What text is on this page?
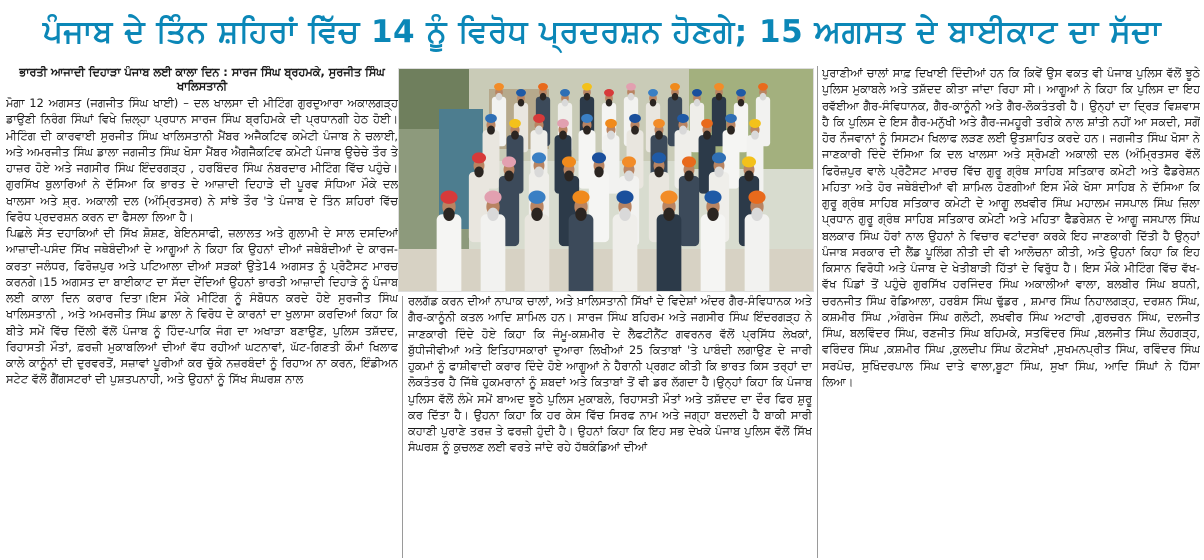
ਪੰਜਾਬ ਦੇ ਤਿੰਨ ਸ਼ਹਿਰਾਂ ਵਿੱਚ 14 ਨੂੰ ਵਿਰੋਧ ਪ੍ਰਦਰਸ਼ਨ ਹੋਣਗੇ; 15 ਅਗਸਤ ਦੇ ਬਾਈਕਾਟ ਦਾ ਸੱਦਾ
ਭਾਰਤੀ ਆਜਾਦੀ ਦਿਹਾੜਾ ਪੰਜਾਬ ਲਈ ਕਾਲਾ ਦਿਨ : ਸਾਰਜ ਸਿੰਘ ਬ੍ਰਹਮਕੇ, ਸੁਰਜੀਤ ਸਿੰਘ ਖਾਲਿਸਤਾਨੀ

ਮੋਗਾ 12 ਅਗਸਤ (ਜਗਜੀਤ ਸਿੰਘ ਖਾਈ) – ਦਲ ਖਾਲਸਾ ਦੀ ਮੀਟਿੰਗ ਗੁਰਦੁਆਰਾ ਅਕਾਲਗੜ੍ਹ ਡਾਉਣੀ ਨਿਰੰਗ ਸਿੰਘਾਂ ਵਿਖੇ ਜ਼ਿਲ੍ਹਾ ਪ੍ਰਧਾਨ ਸਾਰਜ ਸਿੰਘ ਬ੍ਰਹਿਮਕੇ ਦੀ ਪ੍ਰਧਾਨਗੀ ਹੇਠ ਹੋਈ। ਮੀਟਿੰਗ ਦੀ ਕਾਰਵਾਈ ਸੁਰਜੀਤ ਸਿੰਘ ਖਾਲਿਸਤਾਨੀ ਮੈਂਬਰ ਅਜੈਕਟਿਵ ਕਮੇਟੀ ਪੰਜਾਬ ਨੇ ਚਲਾਈ, ਅਤੇ ਅਮਰਜੀਤ ਸਿੰਘ ਡਾਲਾ ਜਗਜੀਤ ਸਿੰਘ ਖੋਸਾ ਮੈਂਬਰ ਐਗਜੈਕਟਿਵ ਕਮੇਟੀ ਪੰਜਾਬ ਉਚੇਚੇ ਤੌਰ ਤੇ ਹਾਜ਼ਰ ਹੋਏ ਅਤੇ ਜਗਸੀਰ ਸਿੰਘ ਇੰਦਰਗੜ੍ਹ , ਹਰਬਿੰਦਰ ਸਿੰਘ ਨੰਬਰਦਾਰ ਮੀਟਿੰਗ ਵਿੱਚ ਪਹੁੰਚੇ।ਗੁਰਸਿੱਖ ਬੁਲਾਰਿਆਂ ਨੇ ਦੱਸਿਆ ਕਿ ਭਾਰਤ ਦੇ ਆਜ਼ਾਦੀ ਦਿਹਾੜੇ ਦੀ ਪੂਰਵ ਸੰਧਿਆ ਮੌਕੇ ਦਲ ਖਾਲਸਾ ਅਤੇ ਸ਼੍ਰ. ਅਕਾਲੀ ਦਲ (ਅੰਮ੍ਰਿਤਸਰ) ਨੇ ਸਾਂਝੇ ਤੌਰ 'ਤੇ ਪੰਜਾਬ ਦੇ ਤਿੰਨ ਸ਼ਹਿਰਾਂ ਵਿੱਚ ਵਿਰੋਧ ਪ੍ਰਦਰਸ਼ਨ ਕਰਨ ਦਾ ਫੈਸਲਾ ਲਿਆ ਹੈ।

ਪਿਛਲੇ ਸੱਤ ਦਹਾਕਿਆਂ ਦੀ ਸਿੱਖ ਸ਼ੋਸ਼ਣ, ਬੇਇਨਸਾਫੀ, ਜ਼ਲਾਲਤ ਅਤੇ ਗੁਲਾਮੀ ਦੇ ਸਾਲ ਦਸਦਿਆਂ ਆਜ਼ਾਦੀ-ਪਸੰਦ ਸਿੱਖ ਜਥੇਬੰਦੀਆਂ ਦੇ ਆਗੂਆਂ ਨੇ ਕਿਹਾ ਕਿ ਉਹਨਾਂ ਦੀਆਂ ਜਥੇਬੰਦੀਆਂ ਦੇ ਕਾਰਜ-ਕਰਤਾ ਜਲੰਧਰ, ਫਿਰੋਜ਼ਪੁਰ ਅਤੇ ਪਟਿਆਲਾ ਦੀਆਂ ਸੜਕਾਂ ਉਤੇ14 ਅਗਸਤ ਨੂੰ ਪ੍ਰੋਟੈਸਟ ਮਾਰਚ ਕਰਨਗੇ।15 ਅਗਸਤ ਦਾ ਬਾਈਕਾਟ ਦਾ ਸੱਦਾ ਦੇਂਦਿਆਂ ਉਹਨਾਂ ਭਾਰਤੀ ਆਜ਼ਾਦੀ ਦਿਹਾੜੇ ਨੂੰ ਪੰਜਾਬ ਲਈ ਕਾਲਾ ਦਿਨ ਕਰਾਰ ਦਿਤਾ।ਇਸ ਮੌਕੇ ਮੀਟਿੰਗ ਨੂੰ ਸੰਬੋਧਨ ਕਰਦੇ ਹੋਏ ਸੁਰਜੀਤ ਸਿੰਘ ਖਾਲਿਸਤਾਨੀ , ਅਤੇ ਅਮਰਜੀਤ ਸਿੰਘ ਡਾਲਾ ਨੇ ਵਿਰੋਧ ਦੇ ਕਾਰਨਾਂ ਦਾ ਖੁਲਾਸਾ ਕਰਦਿਆਂ ਕਿਹਾ ਕਿ ਬੀਤੇ ਸਮੇਂ ਵਿੱਚ ਦਿੱਲੀ ਵੱਲੋਂ ਪੰਜਾਬ ਨੂੰ ਹਿੰਦ-ਪਾਕਿ ਜੰਗ ਦਾ ਅਖਾੜਾ ਬਣਾਉਣ, ਪੁਲਿਸ ਤਸ਼ੱਦਦ, ਰਿਹਾਸਤੀ ਮੌਤਾਂ, ਫ਼ਰਜ਼ੀ ਮੁਕਾਬਲਿਆਂ ਦੀਆਂ ਵੱਧ ਰਹੀਆਂ ਘਟਨਾਵਾਂ, ਘੱਟ-ਗਿਣਤੀ ਕੌਮਾਂ ਖਿਲਾਫ ਕਾਲੇ ਕਾਨੂੰਨਾਂ ਦੀ ਦੁਰਵਰਤੋਂ, ਸਜ਼ਾਵਾਂ ਪੂਰੀਆਂ ਕਰ ਚੁੱਕੇ ਨਜ਼ਰਬੰਦਾਂ ਨੂੰ ਰਿਹਾਅ ਨਾ ਕਰਨ, ਇੰਡੀਅਨ ਸਟੇਟ ਵੱਲੋਂ ਗੈਂਗਸਟਰਾਂ ਦੀ ਪੁਸ਼ਤਪਨਾਹੀ, ਅਤੇ ਉਹਨਾਂ ਨੂੰ ਸਿੱਖ ਸੰਘਰਸ਼ ਨਾਲ

ਰਲਗੱਡ ਕਰਨ ਦੀਆਂ ਨਾਪਾਕ ਚਾਲਾਂ, ਅਤੇ ਖ਼ਾਲਿਸਤਾਨੀ ਸਿੱਖਾਂ ਦੇ ਵਿਦੇਸ਼ਾਂ ਅੰਦਰ ਗੈਰ-ਸੰਵਿਧਾਨਕ ਅਤੇ ਗੈਰ-ਕਾਨੂੰਨੀ ਕਤਲ ਆਦਿ ਸ਼ਾਮਿਲ ਹਨ। ਸਾਰਜ ਸਿੰਘ ਬਹਿਰਮ ਅਤੇ ਜਗਸੀਰ ਸਿੰਘ ਇੰਦਰਗੜ੍ਹ ਨੇ ਜਾਣਕਾਰੀ ਦਿੰਦੇ ਹੋਏ ਕਿਹਾ ਕਿ ਜੰਮੂ-ਕਸ਼ਮੀਰ ਦੇ ਲੈਫਟੀਨੈਂਟ ਗਵਰਨਰ ਵੱਲੋਂ ਪ੍ਰਸਿੱਧ ਲੇਖਕਾਂ, ਬੁੱਧੀਜੀਵੀਆਂ ਅਤੇ ਇਤਿਹਾਸਕਾਰਾਂ ਦੁਆਰਾ ਲਿਖੀਆਂ 25 ਕਿਤਾਬਾਂ 'ਤੇ ਪਾਬੰਦੀ ਲਗਾਉਣ ਦੇ ਜਾਰੀ ਹੁਕਮਾਂ ਨੂੰ ਫਾਸ਼ੀਵਾਦੀ ਕਰਾਰ ਦਿੰਦੇ ਹੋਏ ਆਗੂਆਂ ਨੇ ਹੈਰਾਨੀ ਪ੍ਰਗਟ ਕੀਤੀ ਕਿ ਭਾਰਤ ਕਿਸ ਤਰ੍ਹਾਂ ਦਾ ਲੋਕਤੰਤਰ ਹੈ ਜਿੱਥੇ ਹੁਕਮਰਾਨਾਂ ਨੂੰ ਸ਼ਬਦਾਂ ਅਤੇ ਕਿਤਾਬਾਂ ਤੋਂ ਵੀ ਡਰ ਲੱਗਦਾ ਹੈ।ਉਨ੍ਹਾਂ ਕਿਹਾ ਕਿ ਪੰਜਾਬ ਪੁਲਿਸ ਵੱਲੋਂ ਲੰਮੇ ਸਮੇਂ ਬਾਅਦ ਝੂਠੇ ਪੁਲਿਸ ਮੁਕਾਬਲੇ, ਰਿਹਾਸਤੀ ਮੌਤਾਂ ਅਤੇ ਤਸ਼ੱਦਦ ਦਾ ਦੌਰ ਫਿਰ ਸ਼ੁਰੂ ਕਰ ਦਿੱਤਾ ਹੈ। ਉਹਨਾ ਕਿਹਾ ਕਿ ਹਰ ਕੇਸ ਵਿੱਚ ਸਿਰਫ ਨਾਮ ਅਤੇ ਜਗ੍ਹਾ ਬਦਲਦੀ ਹੈ ਬਾਕੀ ਸਾਰੀ ਕਹਾਣੀ ਪੁਰਾਣੇ ਤਰਜ਼ ਤੇ ਫਰਜ਼ੀ ਹੁੰਦੀ ਹੈ। ਉਹਨਾਂ ਕਿਹਾ ਕਿ ਇਹ ਸਭ ਦੇਖਕੇ ਪੰਜਾਬ ਪੁਲਿਸ ਵੱਲੋਂ ਸਿੱਖ ਸੰਘਰਸ਼ ਨੂੰ ਕੁਚਲਣ ਲਈ ਵਰਤੇ ਜਾਂਦੇ ਰਹੇ ਹੱਥਕੰਡਿਆਂ ਦੀਆਂ

ਪੁਰਾਣੀਆਂ ਚਾਲਾਂ ਸਾਫ਼ ਦਿਖਾਈ ਦਿੰਦੀਆਂ ਹਨ ਕਿ ਕਿਵੇਂ ਉਸ ਵਕਤ ਵੀ ਪੰਜਾਬ ਪੁਲਿਸ ਵੱਲੋਂ ਝੂਠੇ ਪੁਲਿਸ ਮੁਕਾਬਲੇ ਅਤੇ ਤਸ਼ੱਦਦ ਕੀਤਾ ਜਾਂਦਾ ਰਿਹਾ ਸੀ। ਆਗੂਆਂ ਨੇ ਕਿਹਾ ਕਿ ਪੁਲਿਸ ਦਾ ਇਹ ਰਵੱਈਆ ਗੈਰ-ਸੰਵਿਧਾਨਕ, ਗੈਰ-ਕਾਨੂੰਨੀ ਅਤੇ ਗੈਰ-ਲੋਕਤੰਤਰੀ ਹੈ। ਉਨ੍ਹਾਂ ਦਾ ਦ੍ਰਿੜ ਵਿਸ਼ਵਾਸ ਹੈ ਕਿ ਪੁਲਿਸ ਦੇ ਇਸ ਗੈਰ-ਮਨੁੱਖੀ ਅਤੇ ਗੈਰ-ਜਮਹੂਰੀ ਤਰੀਕੇ ਨਾਲ ਸ਼ਾਂਤੀ ਨਹੀਂ ਆ ਸਕਦੀ, ਸਗੋਂ ਹੋਰ ਨੌਜਵਾਨਾਂ ਨੂੰ ਸਿਸਟਮ ਖਿਲਾਫ ਲੜਣ ਲਈ ਉਤਸ਼ਾਹਿਤ ਕਰਦੇ ਹਨ। ਜਗਜੀਤ ਸਿੰਘ ਖੋਸਾ ਨੇ ਜਾਣਕਾਰੀ ਦਿੰਦੇ ਦੱਸਿਆ ਕਿ ਦਲ ਖਾਲਸਾ ਅਤੇ ਸ੍ਰੋਮਣੀ ਅਕਾਲੀ ਦਲ (ਅੰਮ੍ਰਿਤਸਰ ਵੱਲੋਂ ਫਿਰੋਜ਼ਪੁਰ ਵਾਲੇ ਪ੍ਰੋਟੈਸਟ ਮਾਰਚ ਵਿੱਚ ਗੁਰੂ ਗ੍ਰੰਥ ਸਾਹਿਬ ਸਤਿਕਾਰ ਕਮੇਟੀ ਅਤੇ ਫੈਡਰੇਸ਼ਨ ਮਹਿਤਾ ਅਤੇ ਹੋਰ ਜਥੇਬੰਦੀਆਂ ਵੀ ਸ਼ਾਮਿਲ ਹੋਣਗੀਆਂ ਇਸ ਮੌਕੇ ਖੋਸਾ ਸਾਹਿਬ ਨੇ ਦੱਸਿਆ ਕਿ ਗੁਰੂ ਗ੍ਰੰਥ ਸਾਹਿਬ ਸਤਿਕਾਰ ਕਮੇਟੀ ਦੇ ਆਗੂ ਲਖਵੀਰ ਸਿੰਘ ਮਹਾਲਮ ਜਸਪਾਲ ਸਿੰਘ ਜ਼ਿਲਾ ਪ੍ਰਧਾਨ ਗੁਰੂ ਗ੍ਰੰਥ ਸਾਹਿਬ ਸਤਿਕਾਰ ਕਮੇਟੀ ਅਤੇ ਮਹਿਤਾ ਫੈਡਰੇਸ਼ਨ ਦੇ ਆਗੂ ਜਸਪਾਲ ਸਿੰਘ ਬਲਕਾਰ ਸਿੰਘ ਹੋਰਾਂ ਨਾਲ ਉਹਨਾਂ ਨੇ ਵਿਚਾਰ ਵਟਾਂਦਰਾ ਕਰਕੇ ਇਹ ਜਾਣਕਾਰੀ ਦਿੱਤੀ ਹੈ ਉਨ੍ਹਾਂ ਪੰਜਾਬ ਸਰਕਾਰ ਦੀ ਲੈਂਡ ਪੂਲਿੰਗ ਨੀਤੀ ਦੀ ਵੀ ਆਲੋਚਨਾ ਕੀਤੀ, ਅਤੇ ਉਹਨਾਂ ਕਿਹਾ ਕਿ ਇਹ ਕਿਸਾਨ ਵਿਰੋਧੀ ਅਤੇ ਪੰਜਾਬ ਦੇ ਖੇਤੀਬਾੜੀ ਹਿੱਤਾਂ ਦੇ ਵਿਰੁੱਧ ਹੈ। ਇਸ ਮੌਕੇ ਮੀਟਿੰਗ ਵਿੱਚ ਵੱਖ-ਵੱਖ ਪਿੰਡਾਂ ਤੋਂ ਪਹੁੰਚੇ ਗੁਰਸਿੱਖ ਹਰਜਿੰਦਰ ਸਿੰਘ ਅਕਾਲੀਆਂ ਵਾਲਾ, ਬਲਬੀਰ ਸਿੰਘ ਬਧਨੀ, ਚਰਨਜੀਤ ਸਿੰਘ ਰੋਡਿਆਲਾ, ਹਰਬੰਸ ਸਿੰਘ ਢੁੱਡਰ , ਸ਼ਮਾਰ ਸਿੰਘ ਨਿਹਾਲਗੜ੍ਹ, ਦਰਸ਼ਨ ਸਿੰਘ, ਕਸ਼ਮੀਰ ਸਿੰਘ ,ਅੰਗਰੇਜ ਸਿੰਘ ਗਲੋਟੀ, ਲਖਵੀਰ ਸਿੰਘ ਅਟਾਰੀ ,ਗੁਰਚਰਨ ਸਿੰਘ, ਦਲਜੀਤ ਸਿੰਘ, ਬਲਵਿੰਦਰ ਸਿੰਘ, ਰਣਜੀਤ ਸਿੰਘ ਬਹਿਮਕੇ, ਸਤਵਿੰਦਰ ਸਿੰਘ ,ਬਲਜੀਤ ਸਿੰਘ ਲੋਹਗੜ੍ਹ, ਵਰਿੰਦਰ ਸਿੰਘ ,ਕਸ਼ਮੀਰ ਸਿੰਘ ,ਕੁਲਦੀਪ ਸਿੰਘ ਕੋਟਸੇਖਾਂ ,ਸੁਖਮਨਪ੍ਰੀਤ ਸਿੰਘ, ਰਵਿੰਦਰ ਸਿੰਘ ਸਰਪੰਚ, ਸੁਖਿੰਦਰਪਾਲ ਸਿੰਘ ਦਾਤੇ ਵਾਲਾ,ਬੂਟਾ ਸਿੰਘ, ਸੁਖਾ ਸਿੰਘ, ਆਦਿ ਸਿੰਘਾਂ ਨੇ ਹਿੱਸਾ ਲਿਆ।
